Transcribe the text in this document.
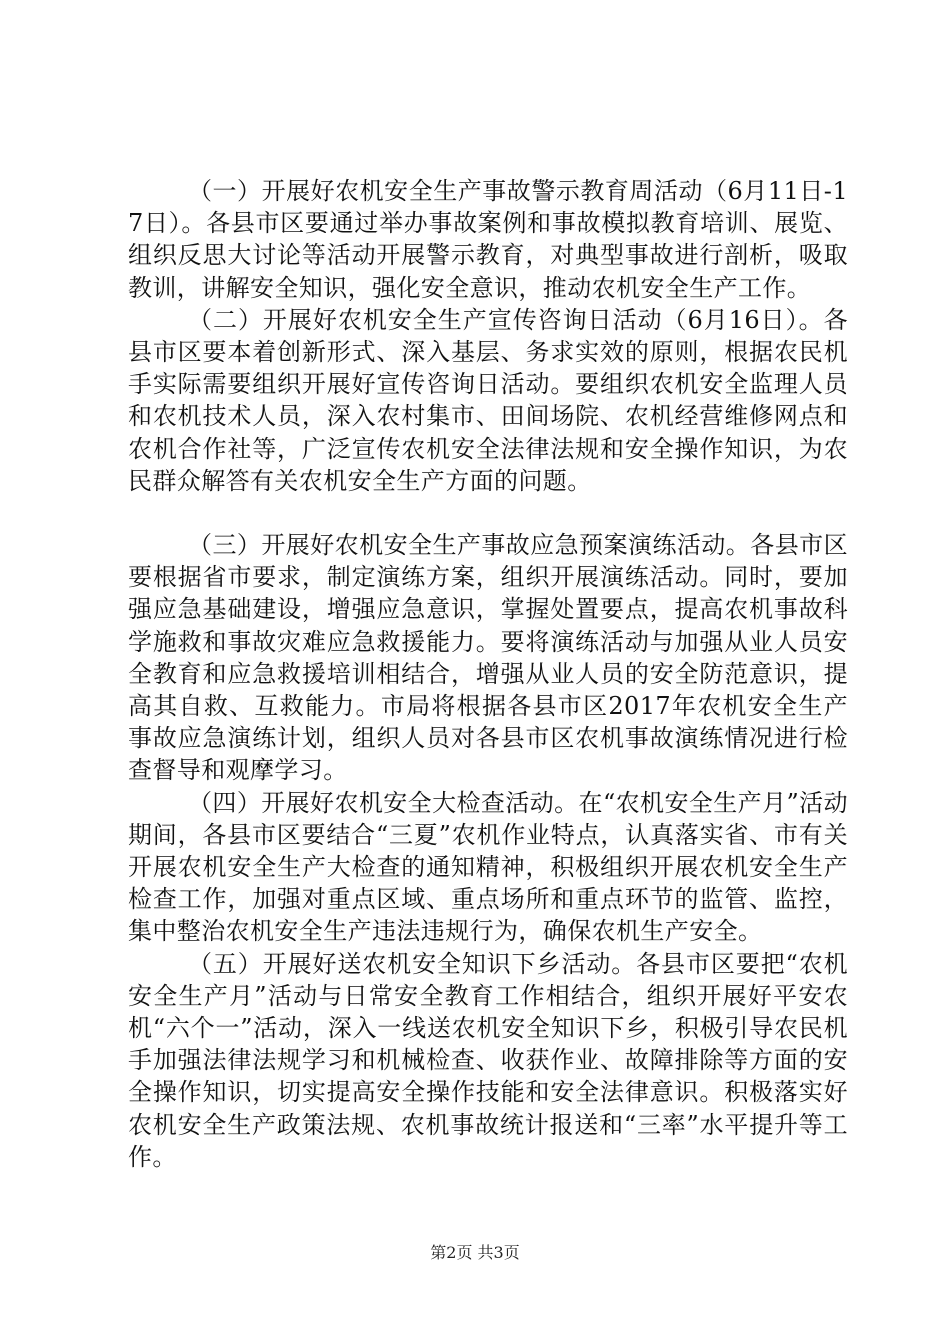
（一）开展好农机安全生产事故警示教育周活动（6月11日-17日）。各县市区要通过举办事故案例和事故模拟教育培训、展览、组织反思大讨论等活动开展警示教育，对典型事故进行剖析，吸取教训，讲解安全知识，强化安全意识，推动农机安全生产工作。

（二）开展好农机安全生产宣传咨询日活动（6月16日）。各县市区要本着创新形式、深入基层、务求实效的原则，根据农民机手实际需要组织开展好宣传咨询日活动。要组织农机安全监理人员和农机技术人员，深入农村集市、田间场院、农机经营维修网点和农机合作社等，广泛宣传农机安全法律法规和安全操作知识，为农民群众解答有关农机安全生产方面的问题。

（三）开展好农机安全生产事故应急预案演练活动。各县市区要根据省市要求，制定演练方案，组织开展演练活动。同时，要加强应急基础建设，增强应急意识，掌握处置要点，提高农机事故科学施救和事故灾难应急救援能力。要将演练活动与加强从业人员安全教育和应急救援培训相结合，增强从业人员的安全防范意识，提高其自救、互救能力。市局将根据各县市区2017年农机安全生产事故应急演练计划，组织人员对各县市区农机事故演练情况进行检查督导和观摩学习。

（四）开展好农机安全大检查活动。在“农机安全生产月”活动期间，各县市区要结合“三夏”农机作业特点，认真落实省、市有关开展农机安全生产大检查的通知精神，积极组织开展农机安全生产检查工作，加强对重点区域、重点场所和重点环节的监管、监控，集中整治农机安全生产违法违规行为，确保农机生产安全。

（五）开展好送农机安全知识下乡活动。各县市区要把“农机安全生产月”活动与日常安全教育工作相结合，组织开展好平安农机“六个一”活动，深入一线送农机安全知识下乡，积极引导农民机手加强法律法规学习和机械检查、收获作业、故障排除等方面的安全操作知识，切实提高安全操作技能和安全法律意识。积极落实好农机安全生产政策法规、农机事故统计报送和“三率”水平提升等工作。

第2页 共3页
